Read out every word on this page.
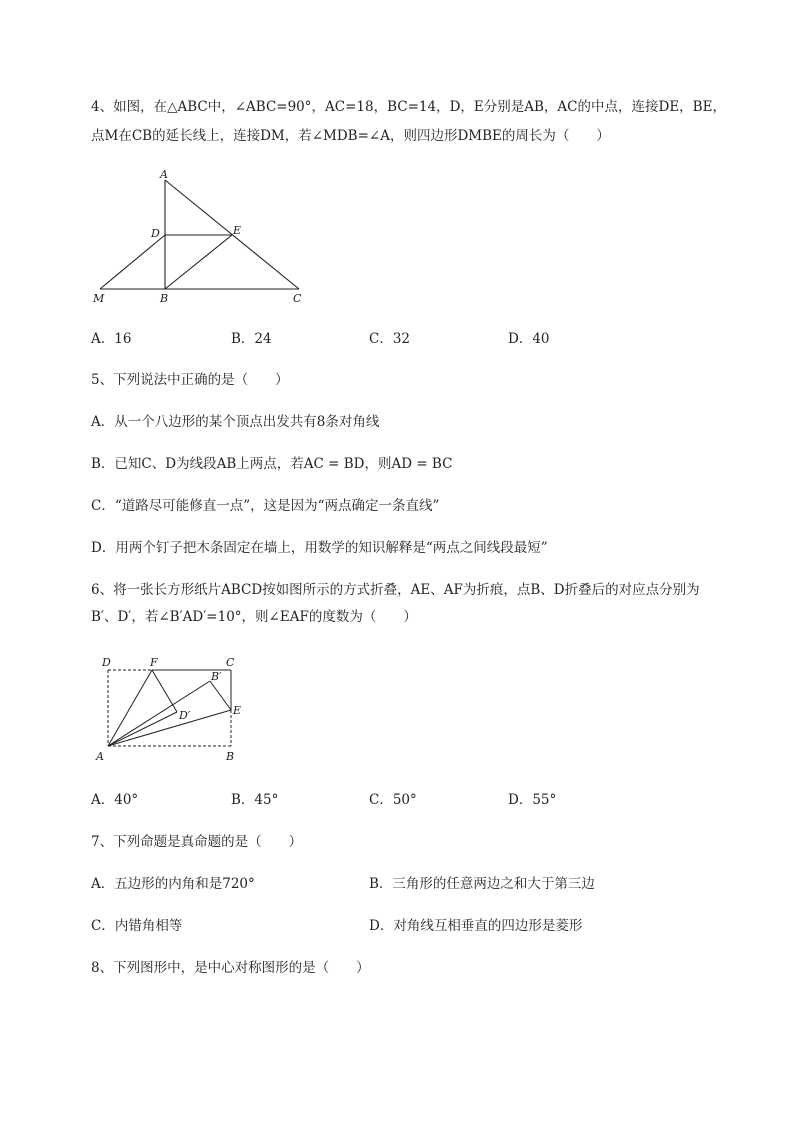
4、如图，在△ABC中，∠ABC=90°，AC=18，BC=14，D，E分别是AB，AC的中点，连接DE，BE，
点M在CB的延长线上，连接DM，若∠MDB=∠A，则四边形DMBE的周长为（　　）
A
D	E
M	B	C
A．16	B．24	C．32	D．40
5、下列说法中正确的是（　　）
A．从一个八边形的某个顶点出发共有8条对角线
B．已知C、D为线段AB上两点，若AC = BD，则AD = BC
C．“道路尽可能修直一点”，这是因为“两点确定一条直线”
D．用两个钉子把木条固定在墙上，用数学的知识解释是“两点之间线段最短”
6、将一张长方形纸片ABCD按如图所示的方式折叠，AE、AF为折痕，点B、D折叠后的对应点分别为
B′、D′，若∠B′AD′=10°，则∠EAF的度数为（　　）
D	F	C
B′
D′	E
A	B
A．40°	B．45°	C．50°	D．55°
7、下列命题是真命题的是（　　）
A．五边形的内角和是720°	B．三角形的任意两边之和大于第三边
C．内错角相等	D．对角线互相垂直的四边形是菱形
8、下列图形中，是中心对称图形的是（　　）
